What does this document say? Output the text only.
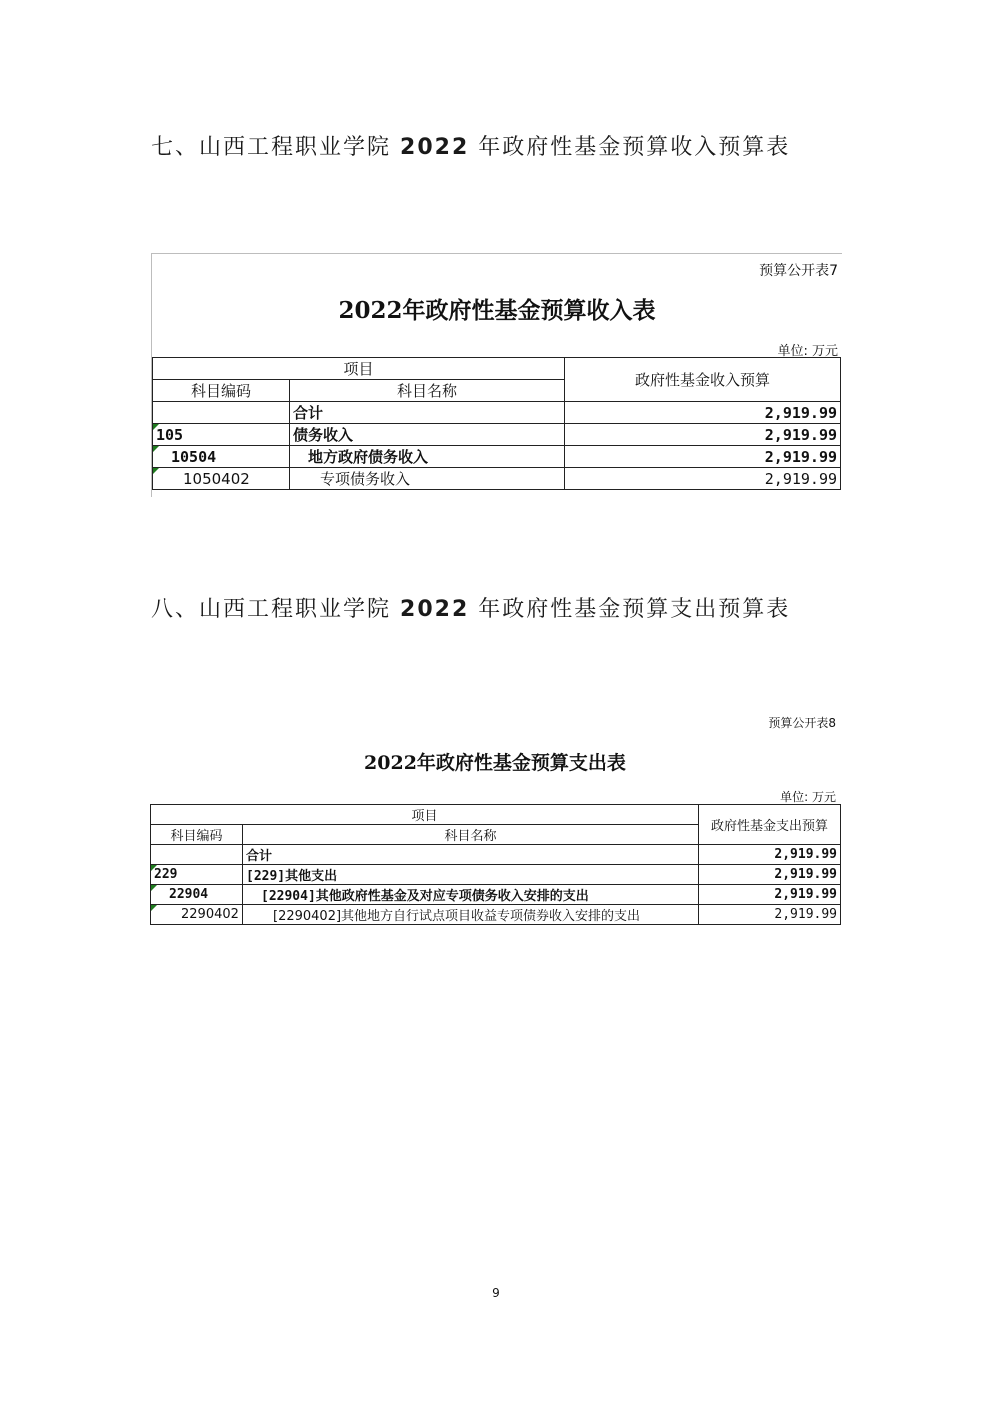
七、山西工程职业学院 2022 年政府性基金预算收入预算表
预算公开表7
2022年政府性基金预算收入表
单位: 万元
项目		政府性基金收入预算
科目编码	科目名称	
	合计	2,919.99
105	债务收入	2,919.99
10504	地方政府债务收入	2,919.99
1050402	专项债务收入	2,919.99
八、山西工程职业学院 2022 年政府性基金预算支出预算表
预算公开表8
2022年政府性基金预算支出表
单位: 万元
项目		政府性基金支出预算
科目编码	科目名称	
	合计	2,919.99
229	[229]其他支出	2,919.99
22904	[22904]其他政府性基金及对应专项债务收入安排的支出	2,919.99
2290402	[2290402]其他地方自行试点项目收益专项债券收入安排的支出	2,919.99
9
